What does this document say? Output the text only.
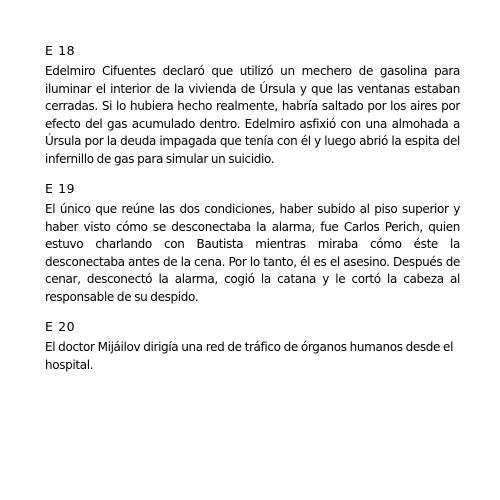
E 18

Edelmiro Cifuentes declaró que utilizó un mechero de gasolina para iluminar el interior de la vivienda de Úrsula y que las ventanas estaban cerradas. Si lo hubiera hecho realmente, habría saltado por los aires por efecto del gas acumulado dentro. Edelmiro asfixió con una almohada a Úrsula por la deuda impagada que tenía con él y luego abrió la espita del infernillo de gas para simular un suicidio.

E 19

El único que reúne las dos condiciones, haber subido al piso superior y haber visto cómo se desconectaba la alarma, fue Carlos Perich, quien estuvo charlando con Bautista mientras miraba cómo éste la desconectaba antes de la cena. Por lo tanto, él es el asesino. Después de cenar, desconectó la alarma, cogió la catana y le cortó la cabeza al responsable de su despido.

E 20

El doctor Mijáilov dirigía una red de tráfico de órganos humanos desde el hospital.
